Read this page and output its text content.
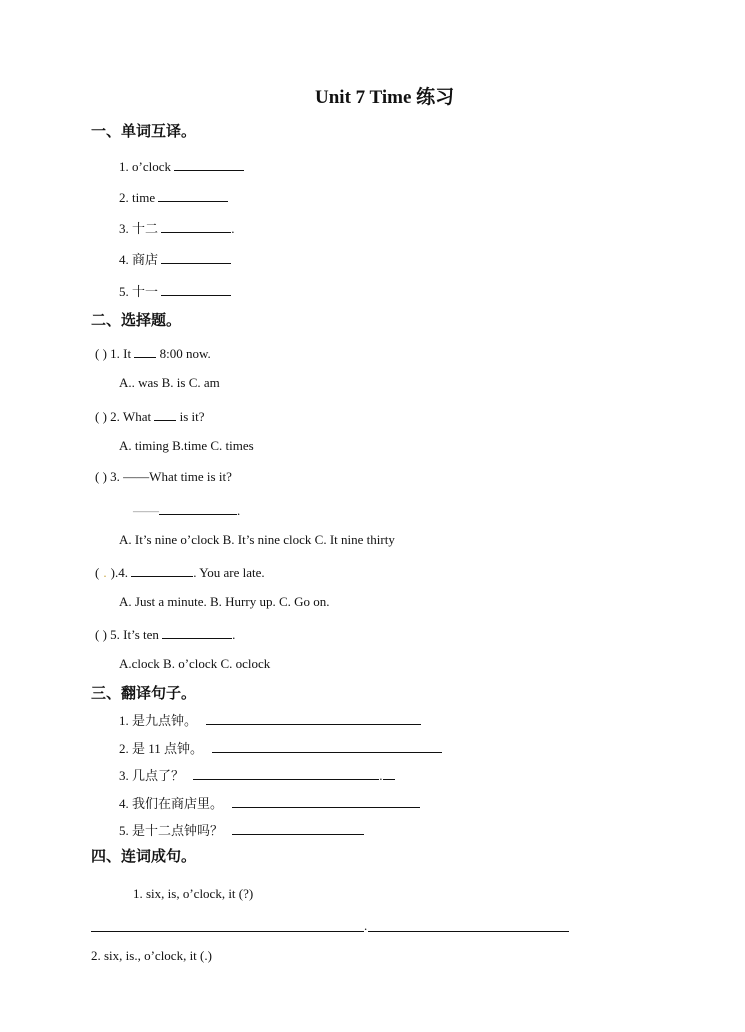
Unit 7 Time 练习
一、单词互译。
1. o’clock
2. time
3. 十二	.
4. 商店
5. 十一
二、选择题。
( ) 1. It 8:00 now.
A.. was B. is C. am
( ) 2. What is it?
A. timing B.time C. times
( ) 3. ——What time is it?
——	.
A. It’s nine o’clock B. It’s nine clock C. It nine thirty
( . ).4.	. You are late.
A. Just a minute. B. Hurry up. C. Go on.
( ) 5. It’s ten	.
A.clock B. o’clock C. oclock
三、翻译句子。
1. 是九点钟。
2. 是 11 点钟。
3. 几点了？	.
4. 我们在商店里。
5. 是十二点钟吗？
四、连词成句。
1. six, is, o’clock, it (?)
.
2. six, is., o’clock, it (.)
